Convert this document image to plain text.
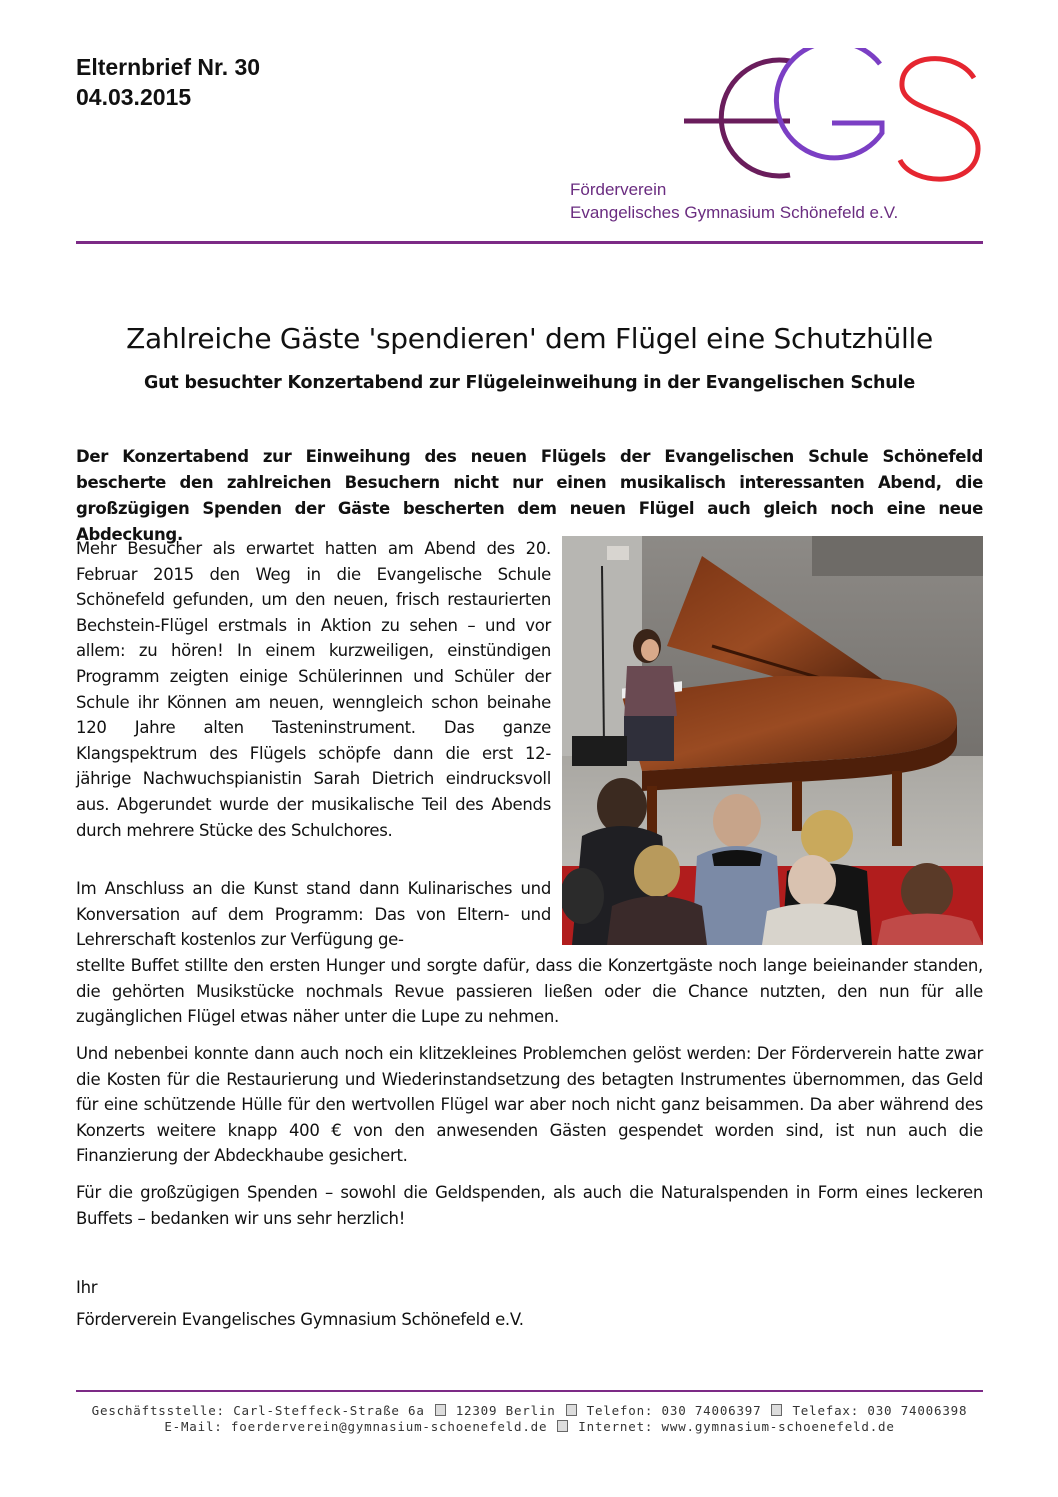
Elternbrief Nr. 30
04.03.2015
Förderverein
Evangelisches Gymnasium Schönefeld e.V.
Zahlreiche Gäste 'spendieren' dem Flügel eine Schutzhülle
Gut besuchter Konzertabend zur Flügeleinweihung in der Evangelischen Schule

Der Konzertabend zur Einweihung des neuen Flügels der Evangelischen Schule Schönefeld bescherte den zahlreichen Besuchern nicht nur einen musikalisch interessanten Abend, die großzügigen Spenden der Gäste bescherten dem neuen Flügel auch gleich noch eine neue Abdeckung.

Mehr Besucher als erwartet hatten am Abend des 20. Februar 2015 den Weg in die Evangelische Schule Schönefeld gefunden, um den neuen, frisch restaurierten Bechstein-Flügel erstmals in Aktion zu sehen – und vor allem: zu hören! In einem kurzweiligen, einstündigen Programm zeigten einige Schülerinnen und Schüler der Schule ihr Können am neuen, wenngleich schon beinahe 120 Jahre alten Tasteninstrument. Das ganze Klangspektrum des Flügels schöpfe dann die erst 12-jährige Nachwuchspianistin Sarah Dietrich eindrucksvoll aus. Abgerundet wurde der musikalische Teil des Abends durch mehrere Stücke des Schulchores.

Im Anschluss an die Kunst stand dann Kulinarisches und Konversation auf dem Programm: Das von Eltern- und Lehrerschaft kostenlos zur Verfügung ge-

stellte Buffet stillte den ersten Hunger und sorgte dafür, dass die Konzertgäste noch lange beieinander standen, die gehörten Musikstücke nochmals Revue passieren ließen oder die Chance nutzten, den nun für alle zugänglichen Flügel etwas näher unter die Lupe zu nehmen.

Und nebenbei konnte dann auch noch ein klitzekleines Problemchen gelöst werden: Der Förderverein hatte zwar die Kosten für die Restaurierung und Wiederinstandsetzung des betagten Instrumentes übernommen, das Geld für eine schützende Hülle für den wertvollen Flügel war aber noch nicht ganz beisammen. Da aber während des Konzerts weitere knapp 400 € von den anwesenden Gästen gespendet worden sind, ist nun auch die Finanzierung der Abdeckhaube gesichert.

Für die großzügigen Spenden – sowohl die Geldspenden, als auch die Naturalspenden in Form eines leckeren Buffets – bedanken wir uns sehr herzlich!

Ihr
Förderverein Evangelisches Gymnasium Schönefeld e.V.
Geschäftsstelle: Carl-Steffeck-Straße 6a 12309 Berlin Telefon: 030 74006397 Telefax: 030 74006398
E-Mail: foerderverein@gymnasium-schoenefeld.de Internet: www.gymnasium-schoenefeld.de
